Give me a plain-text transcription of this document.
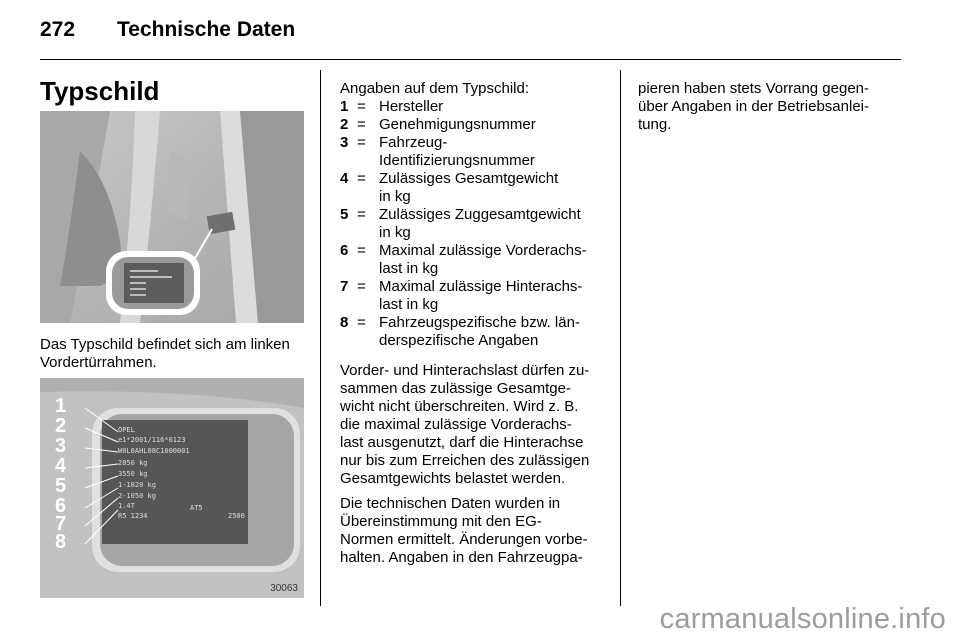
272 Technische Daten
Typschild

Das Typschild befindet sich am linken Vordertürrahmen.

1
2
3
4
5
6
7
8
OPEL
e1*2001/116*0123
W0L0AHL08C1000001
2050 kg
3550 kg
1-1020 kg
2-1050 kg
1.4T
R5 1234
AT5
2500
30063

Angaben auf dem Typschild:

1 = Hersteller
2 = Genehmigungsnummer
3 = Fahrzeug-
Identifizierungsnummer
4 = Zulässiges Gesamtgewicht
in kg
5 = Zulässiges Zuggesamtgewicht
in kg
6 = Maximal zulässige Vorderachs-
last in kg
7 = Maximal zulässige Hinterachs-
last in kg
8 = Fahrzeugspezifische bzw. län-
derspezifische Angaben

Vorder- und Hinterachslast dürfen zu-
sammen das zulässige Gesamtge-
wicht nicht überschreiten. Wird z. B.
die maximal zulässige Vorderachs-
last ausgenutzt, darf die Hinterachse
nur bis zum Erreichen des zulässigen
Gesamtgewichts belastet werden.

Die technischen Daten wurden in
Übereinstimmung mit den EG-
Normen ermittelt. Änderungen vorbe-
halten. Angaben in den Fahrzeugpa-

pieren haben stets Vorrang gegen-
über Angaben in der Betriebsanlei-
tung.

carmanualsonline.info
